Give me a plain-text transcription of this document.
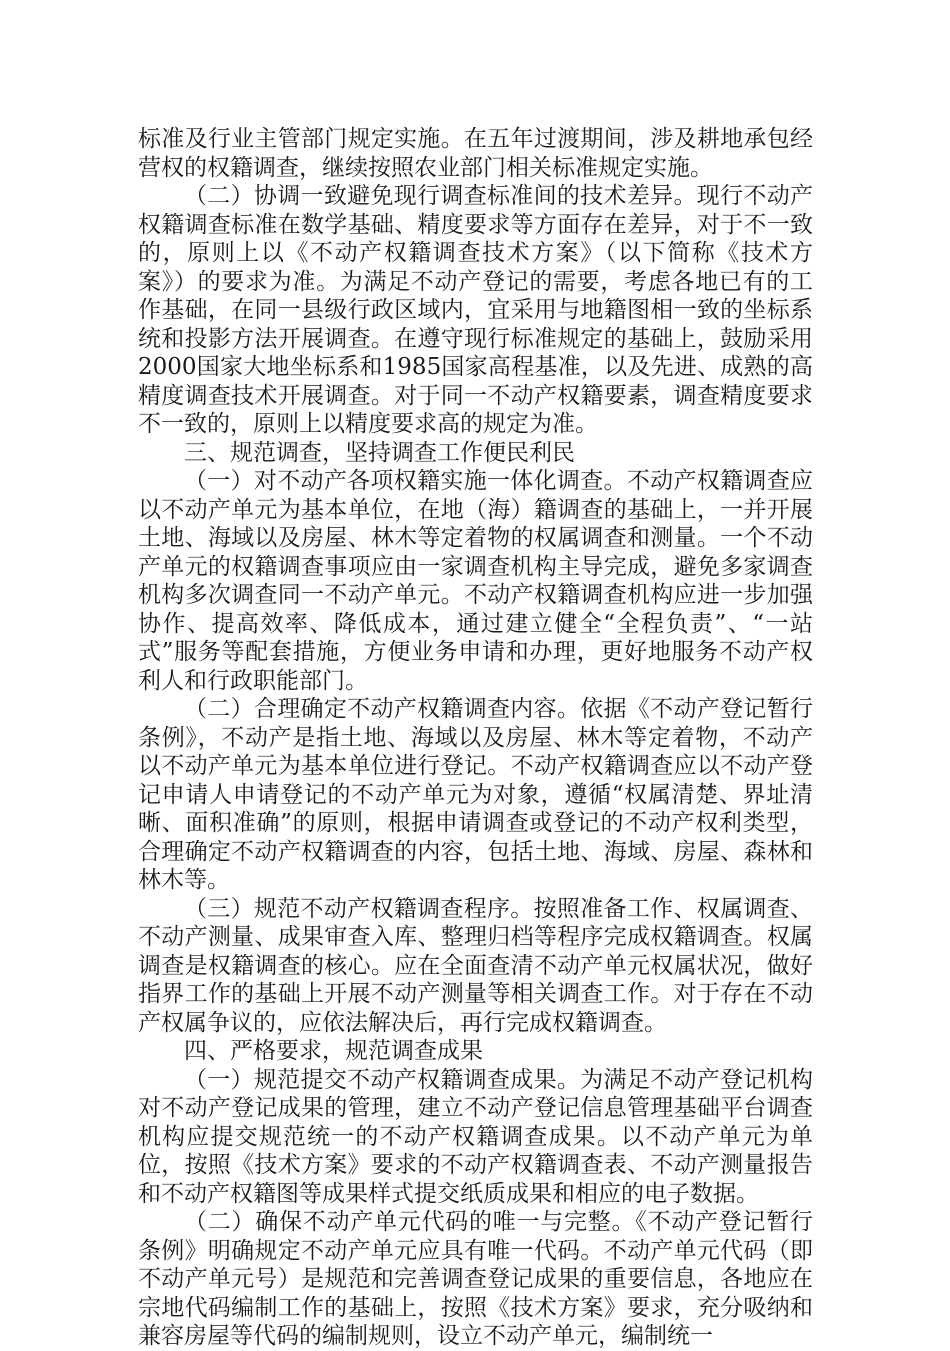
标准及行业主管部门规定实施。在五年过渡期间，涉及耕地承包经营权的权籍调查，继续按照农业部门相关标准规定实施。

（二）协调一致避免现行调查标准间的技术差异。现行不动产权籍调查标准在数学基础、精度要求等方面存在差异，对于不一致的，原则上以《不动产权籍调查技术方案》（以下简称《技术方案》）的要求为准。为满足不动产登记的需要，考虑各地已有的工作基础，在同一县级行政区域内，宜采用与地籍图相一致的坐标系统和投影方法开展调查。在遵守现行标准规定的基础上，鼓励采用2000国家大地坐标系和1985国家高程基准，以及先进、成熟的高精度调查技术开展调查。对于同一不动产权籍要素，调查精度要求不一致的，原则上以精度要求高的规定为准。

三、规范调查，坚持调查工作便民利民

（一）对不动产各项权籍实施一体化调查。不动产权籍调查应以不动产单元为基本单位，在地（海）籍调查的基础上，一并开展土地、海域以及房屋、林木等定着物的权属调查和测量。一个不动产单元的权籍调查事项应由一家调查机构主导完成，避免多家调查机构多次调查同一不动产单元。不动产权籍调查机构应进一步加强协作、提高效率、降低成本，通过建立健全“全程负责”、“一站式”服务等配套措施，方便业务申请和办理，更好地服务不动产权利人和行政职能部门。

（二）合理确定不动产权籍调查内容。依据《不动产登记暂行条例》，不动产是指土地、海域以及房屋、林木等定着物，不动产以不动产单元为基本单位进行登记。不动产权籍调查应以不动产登记申请人申请登记的不动产单元为对象，遵循“权属清楚、界址清晰、面积准确”的原则，根据申请调查或登记的不动产权利类型，合理确定不动产权籍调查的内容，包括土地、海域、房屋、森林和林木等。

（三）规范不动产权籍调查程序。按照准备工作、权属调查、不动产测量、成果审查入库、整理归档等程序完成权籍调查。权属调查是权籍调查的核心。应在全面查清不动产单元权属状况，做好指界工作的基础上开展不动产测量等相关调查工作。对于存在不动产权属争议的，应依法解决后，再行完成权籍调查。

四、严格要求，规范调查成果

（一）规范提交不动产权籍调查成果。为满足不动产登记机构对不动产登记成果的管理，建立不动产登记信息管理基础平台调查机构应提交规范统一的不动产权籍调查成果。以不动产单元为单位，按照《技术方案》要求的不动产权籍调查表、不动产测量报告和不动产权籍图等成果样式提交纸质成果和相应的电子数据。

（二）确保不动产单元代码的唯一与完整。《不动产登记暂行条例》明确规定不动产单元应具有唯一代码。不动产单元代码（即不动产单元号）是规范和完善调查登记成果的重要信息，各地应在宗地代码编制工作的基础上，按照《技术方案》要求，充分吸纳和兼容房屋等代码的编制规则，设立不动产单元，编制统一
